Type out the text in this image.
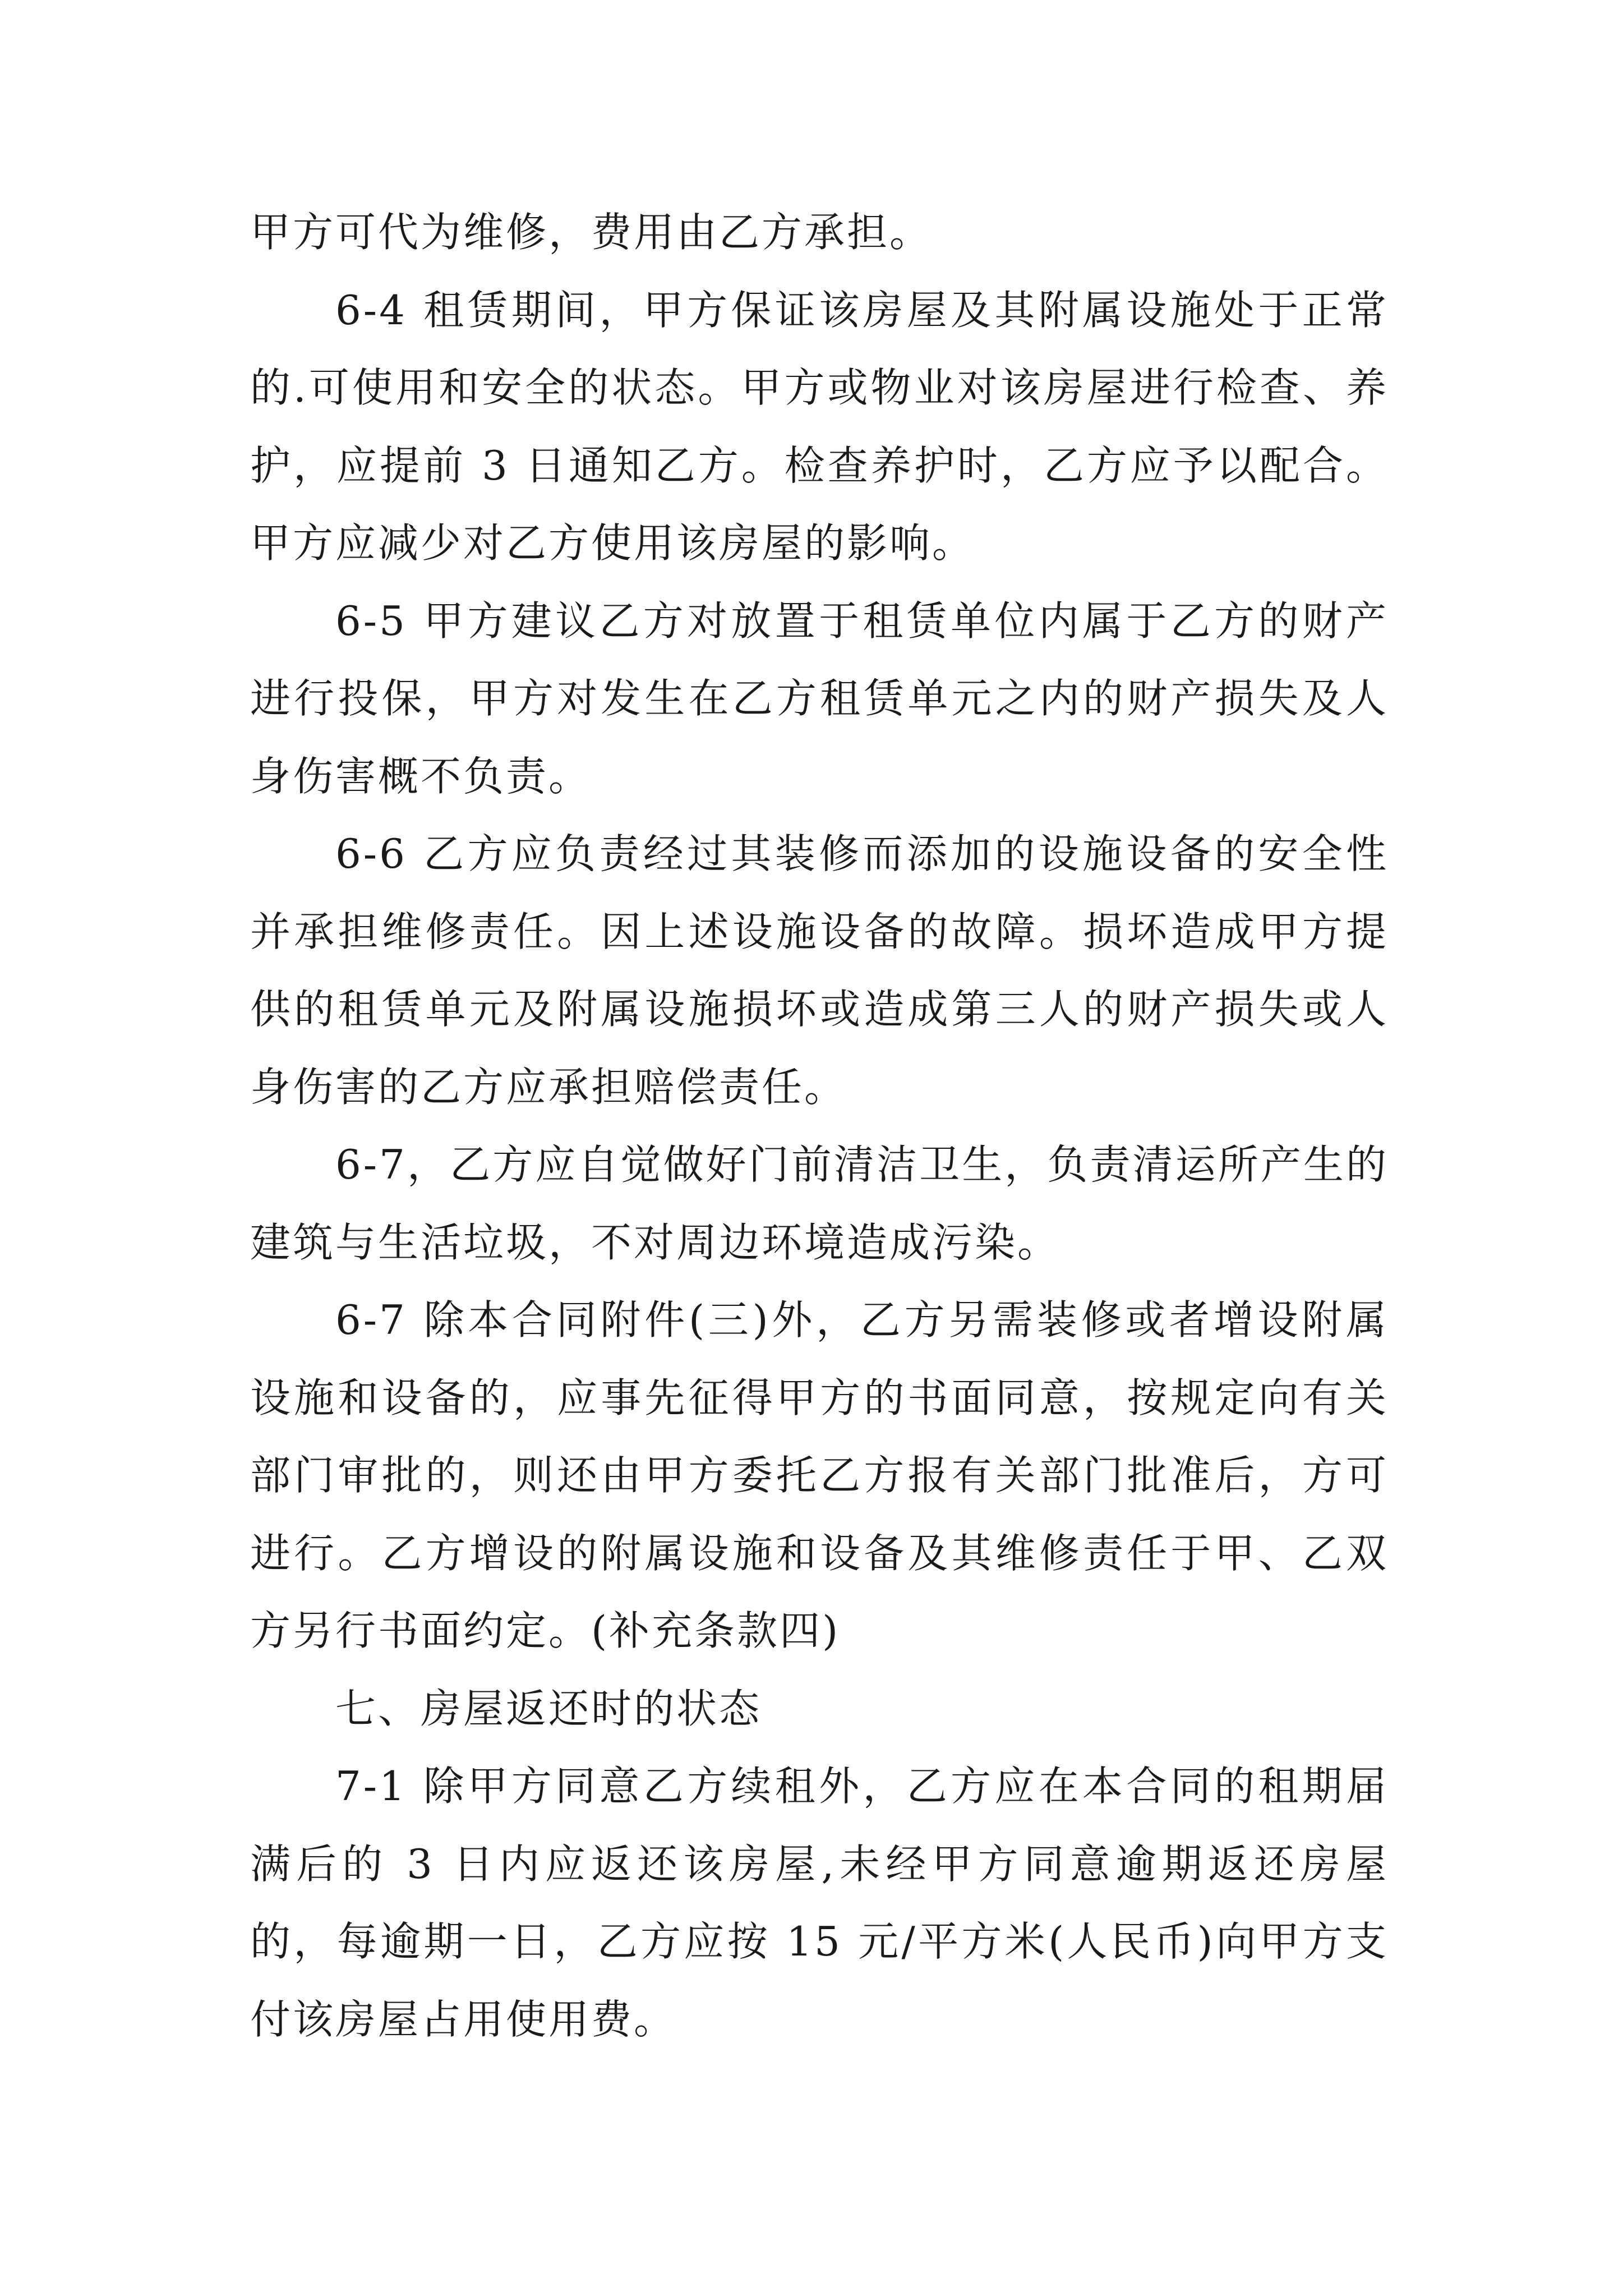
甲方可代为维修，费用由乙方承担。

6-4 租赁期间，甲方保证该房屋及其附属设施处于正常的.可使用和安全的状态。甲方或物业对该房屋进行检查、养护，应提前 3 日通知乙方。检查养护时，乙方应予以配合。甲方应减少对乙方使用该房屋的影响。

6-5 甲方建议乙方对放置于租赁单位内属于乙方的财产进行投保，甲方对发生在乙方租赁单元之内的财产损失及人身伤害概不负责。

6-6 乙方应负责经过其装修而添加的设施设备的安全性并承担维修责任。因上述设施设备的故障。损坏造成甲方提供的租赁单元及附属设施损坏或造成第三人的财产损失或人身伤害的乙方应承担赔偿责任。

6-7，乙方应自觉做好门前清洁卫生，负责清运所产生的建筑与生活垃圾，不对周边环境造成污染。

6-7 除本合同附件(三)外，乙方另需装修或者增设附属设施和设备的，应事先征得甲方的书面同意，按规定向有关部门审批的，则还由甲方委托乙方报有关部门批准后，方可进行。乙方增设的附属设施和设备及其维修责任于甲、乙双方另行书面约定。(补充条款四)

七、房屋返还时的状态

7-1 除甲方同意乙方续租外，乙方应在本合同的租期届满后的 3 日内应返还该房屋,未经甲方同意逾期返还房屋的，每逾期一日，乙方应按 15 元/平方米(人民币)向甲方支付该房屋占用使用费。
